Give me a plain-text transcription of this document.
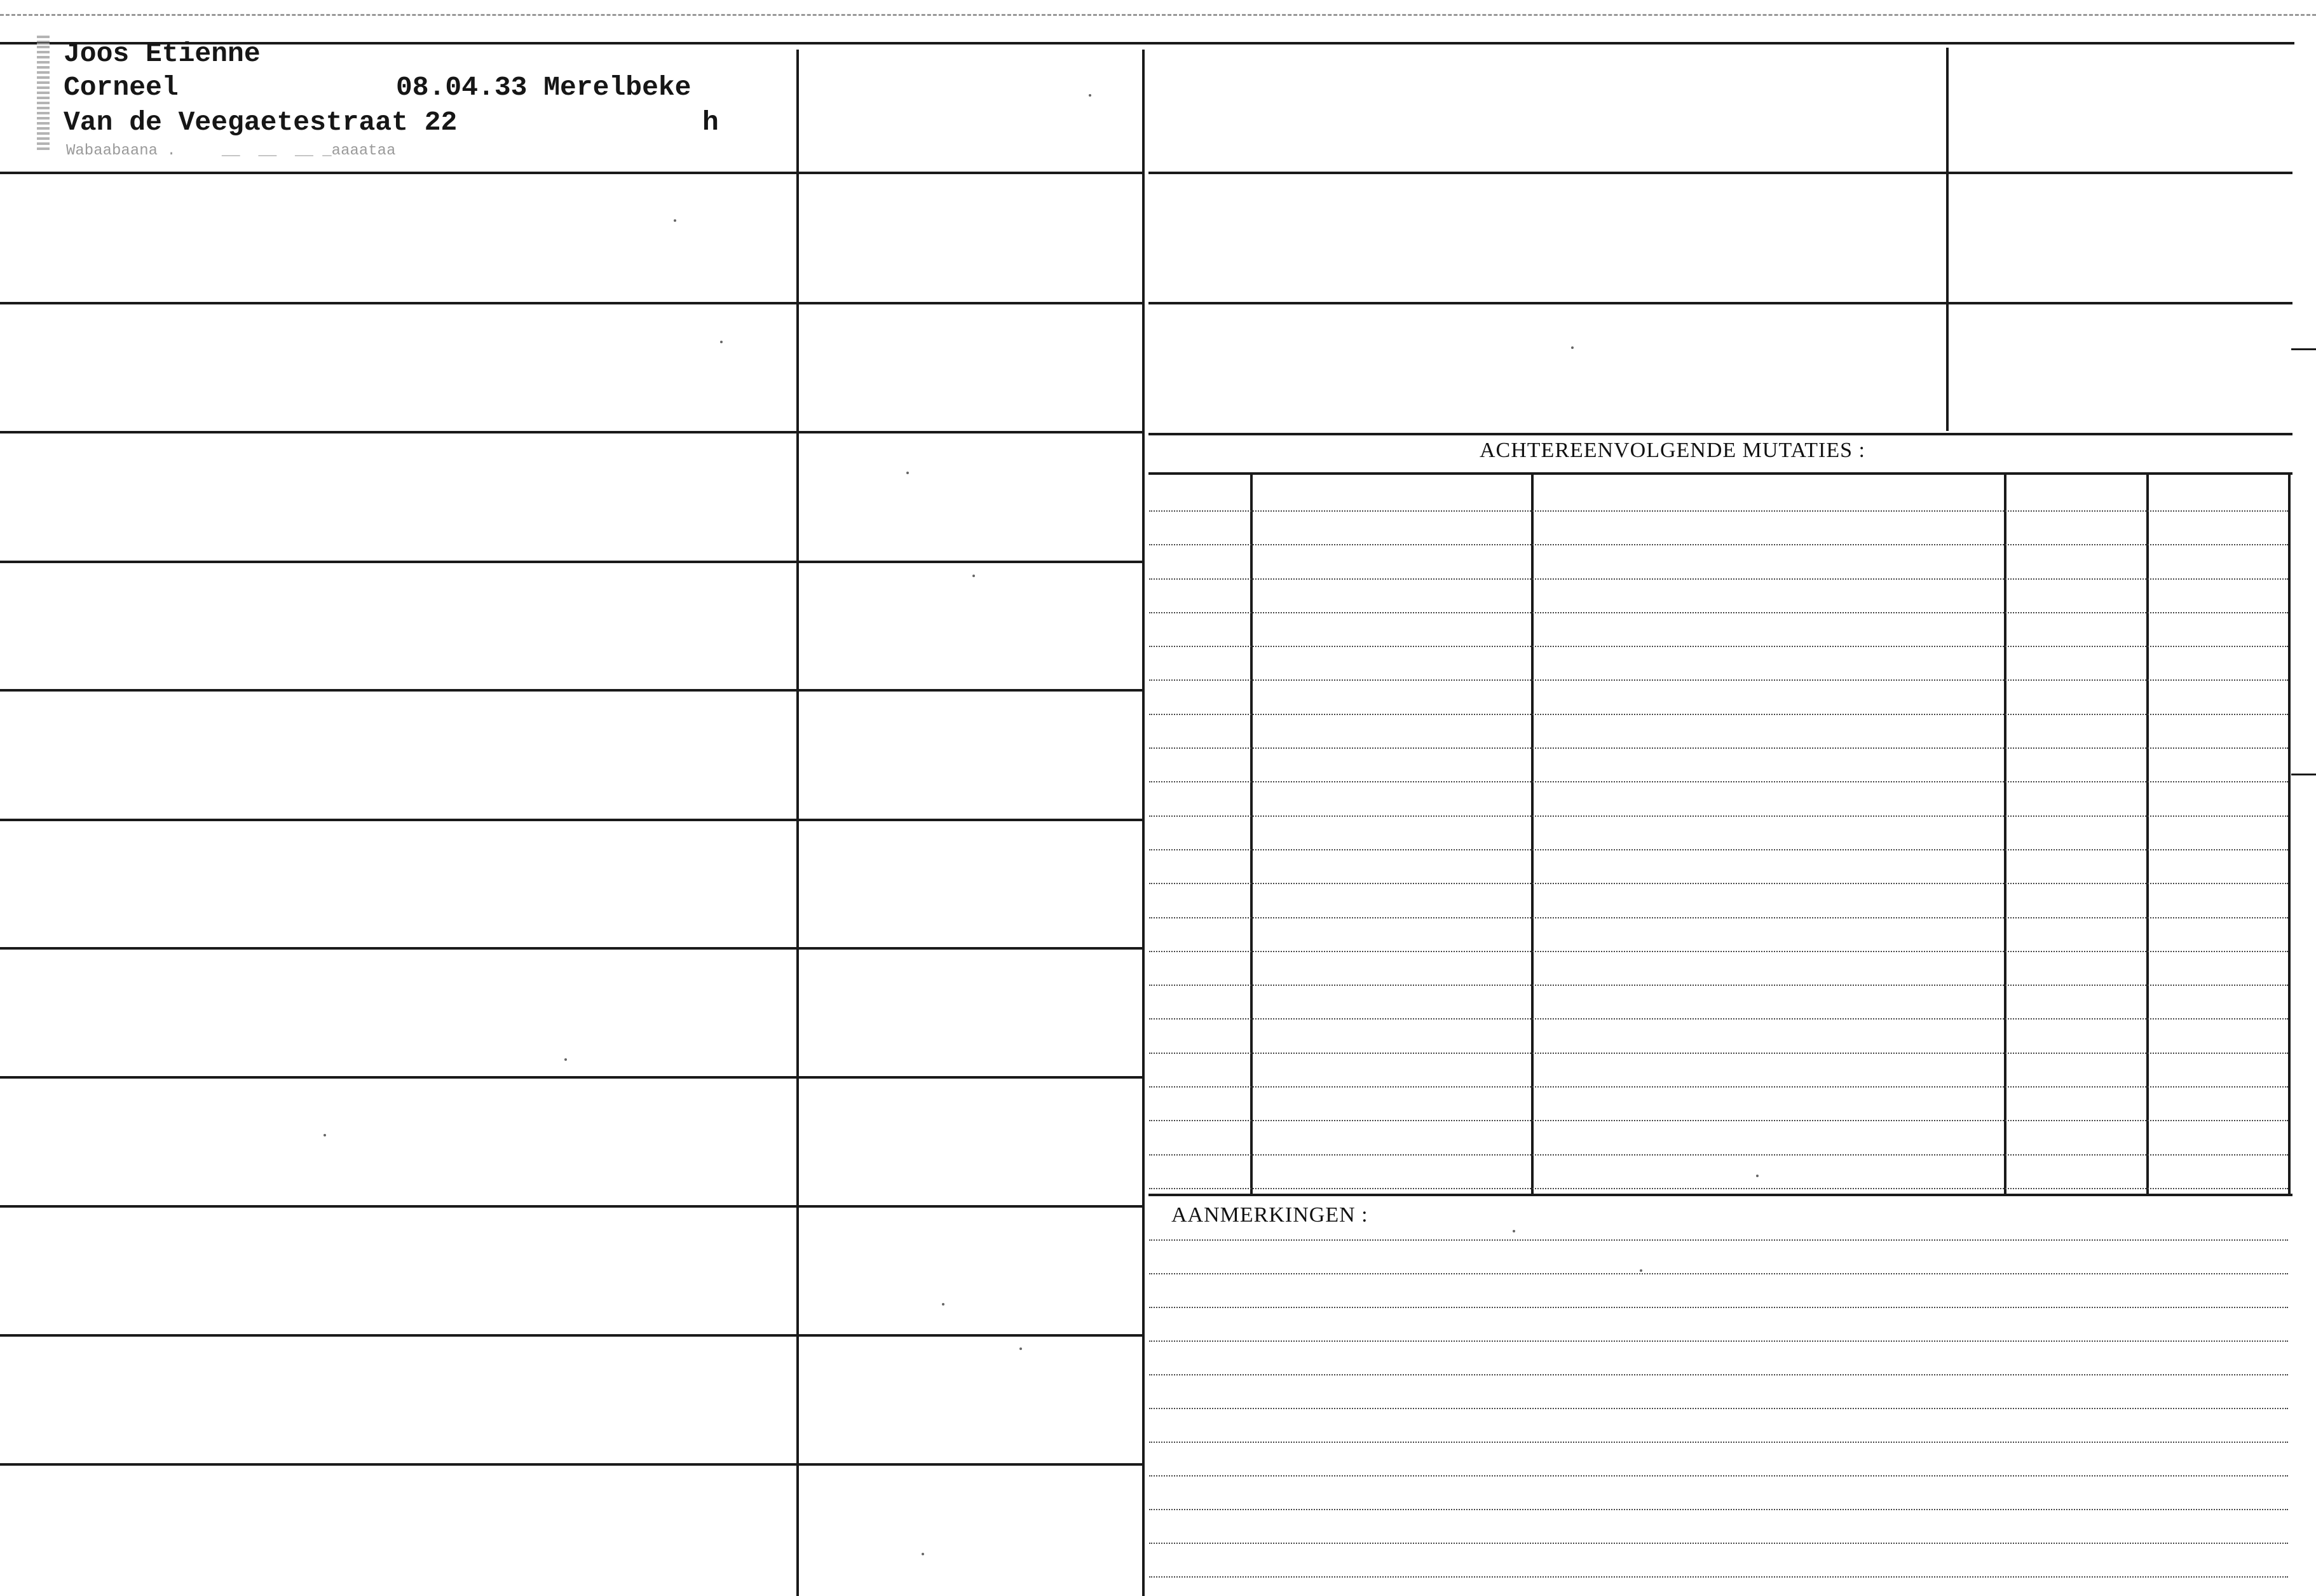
Joos Etienne
Corneel	08.04.33 Merelbeke
Van de Veegaetestraat 22	h
Wabaabaana .     __  __  __ _aaaataa
ACHTEREENVOLGENDE MUTATIES :
AANMERKINGEN :
